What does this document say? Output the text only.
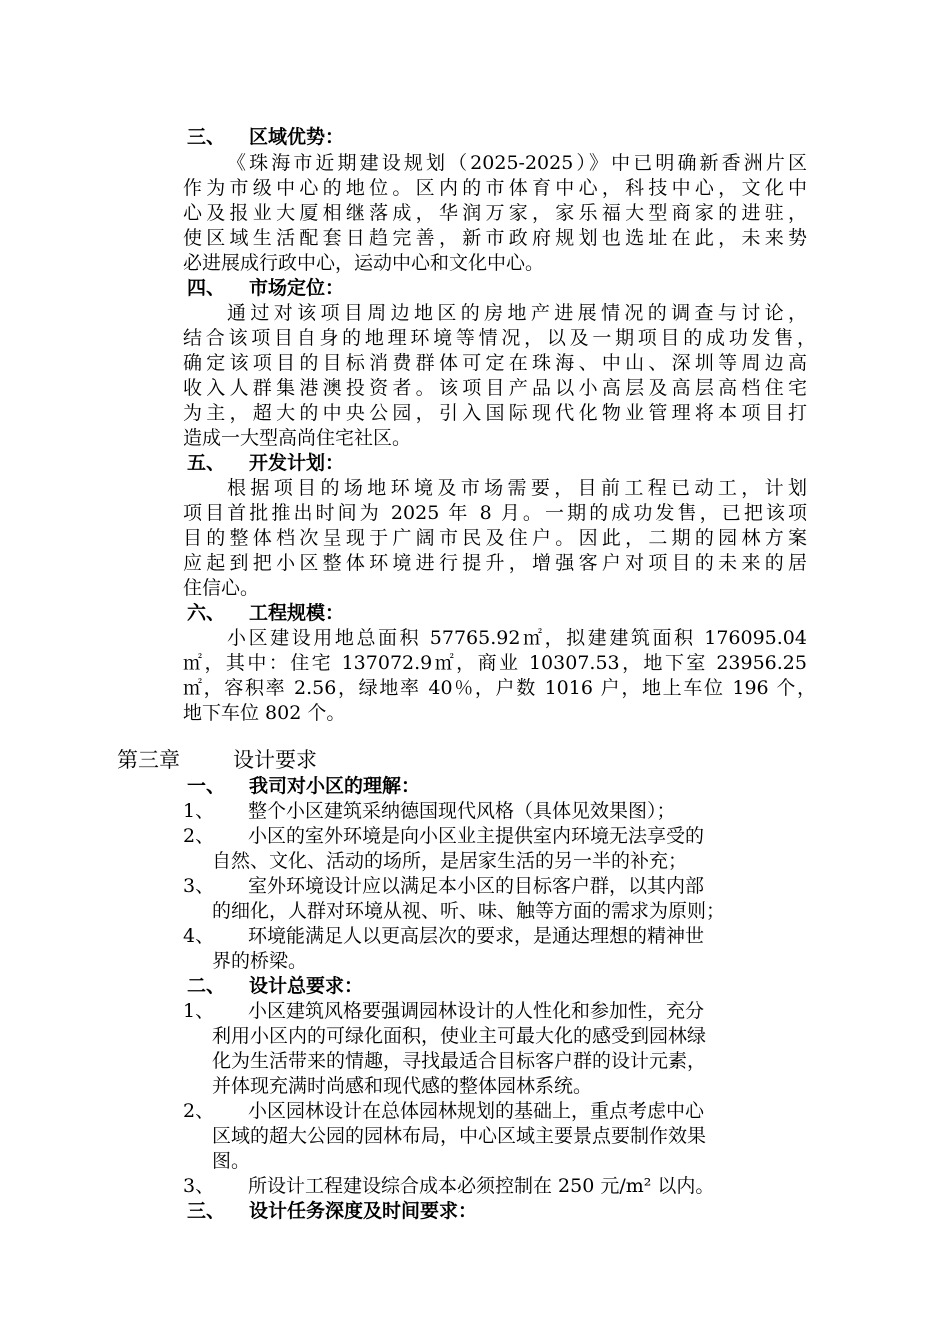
三、 区域优势：
《珠海市近期建设规划（2025-2025）》中已明确新香洲片区
作为市级中心的地位。区内的市体育中心，科技中心，文化中
心及报业大厦相继落成，华润万家，家乐福大型商家的进驻，
使区域生活配套日趋完善，新市政府规划也选址在此，未来势
必进展成行政中心，运动中心和文化中心。
四、 市场定位：
通过对该项目周边地区的房地产进展情况的调查与讨论，
结合该项目自身的地理环境等情况，以及一期项目的成功发售，
确定该项目的目标消费群体可定在珠海、中山、深圳等周边高
收入人群集港澳投资者。该项目产品以小高层及高层高档住宅
为主，超大的中央公园，引入国际现代化物业管理将本项目打
造成一大型高尚住宅社区。
五、 开发计划：
根据项目的场地环境及市场需要，目前工程已动工，计划
项目首批推出时间为 2025 年 8 月。一期的成功发售，已把该项
目的整体档次呈现于广阔市民及住户。因此，二期的园林方案
应起到把小区整体环境进行提升，增强客户对项目的未来的居
住信心。
六、 工程规模：
小区建设用地总面积 57765.92㎡，拟建建筑面积 176095.04
㎡，其中：住宅 137072.9㎡，商业 10307.53，地下室 23956.25
㎡，容积率 2.56，绿地率 40％，户数 1016 户，地上车位 196 个，
地下车位 802 个。
第三章	设计要求
一、 我司对小区的理解：
1、 整个小区建筑采纳德国现代风格（具体见效果图）；
2、 小区的室外环境是向小区业主提供室内环境无法享受的
自然、文化、活动的场所，是居家生活的另一半的补充；
3、 室外环境设计应以满足本小区的目标客户群，以其内部
的细化，人群对环境从视、听、味、触等方面的需求为原则；
4、 环境能满足人以更高层次的要求，是通达理想的精神世
界的桥梁。
二、 设计总要求：
1、 小区建筑风格要强调园林设计的人性化和参加性，充分
利用小区内的可绿化面积，使业主可最大化的感受到园林绿
化为生活带来的情趣，寻找最适合目标客户群的设计元素，
并体现充满时尚感和现代感的整体园林系统。
2、 小区园林设计在总体园林规划的基础上，重点考虑中心
区域的超大公园的园林布局，中心区域主要景点要制作效果
图。
3、 所设计工程建设综合成本必须控制在 250 元/m² 以内。
三、 设计任务深度及时间要求：
